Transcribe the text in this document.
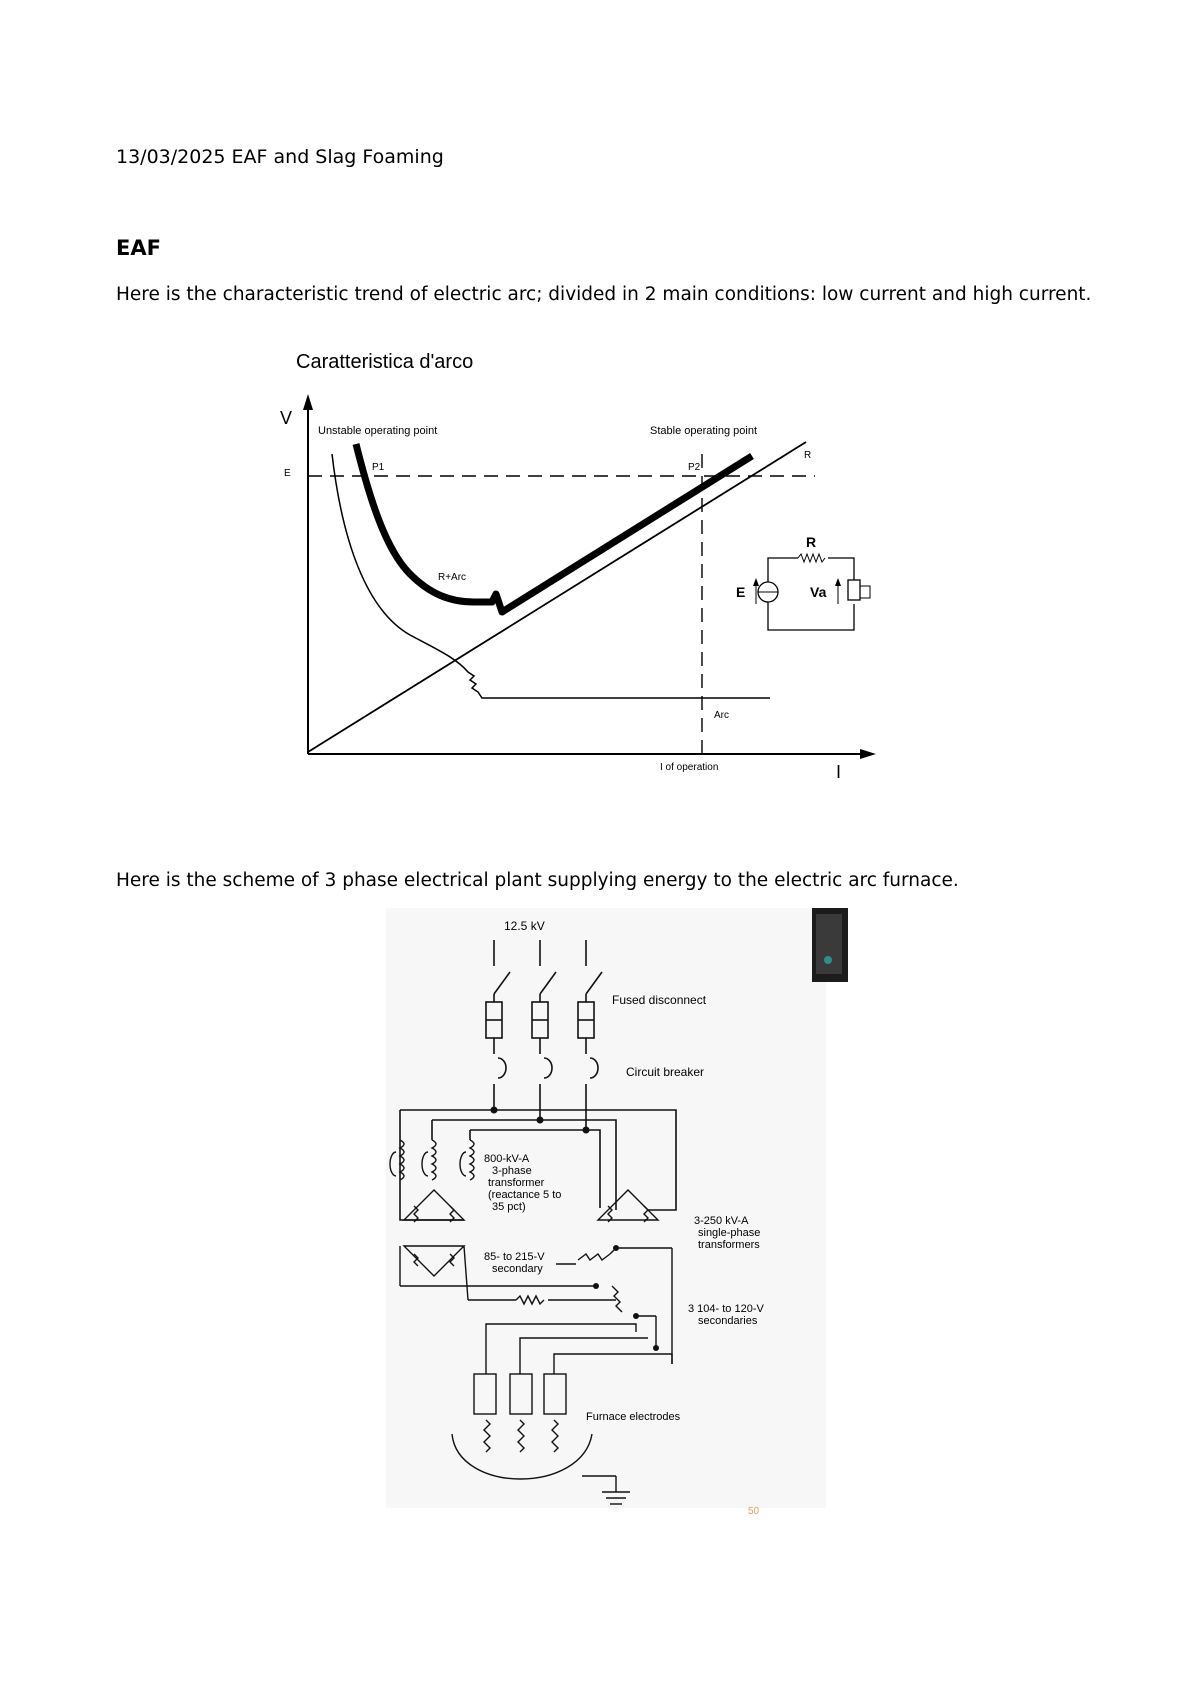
13/03/2025 EAF and Slag Foaming
EAF
Here is the characteristic trend of electric arc; divided in 2 main conditions: low current and high current.
Caratteristica d'arco
V
I
E
I of operation
R
Arc
R+Arc
Unstable operating point	Stable operating point
P1	P2
R
E	Va
Here is the scheme of 3 phase electrical plant supplying energy to the electric arc furnace.
12.5 kV
Fused disconnect
Circuit breaker
800-kV-A
3-phase
transformer
(reactance 5 to
35 pct)
3-250 kV-A
single-phase
transformers
85- to 215-V
secondary
3 104- to 120-V
secondaries
Furnace electrodes
50
